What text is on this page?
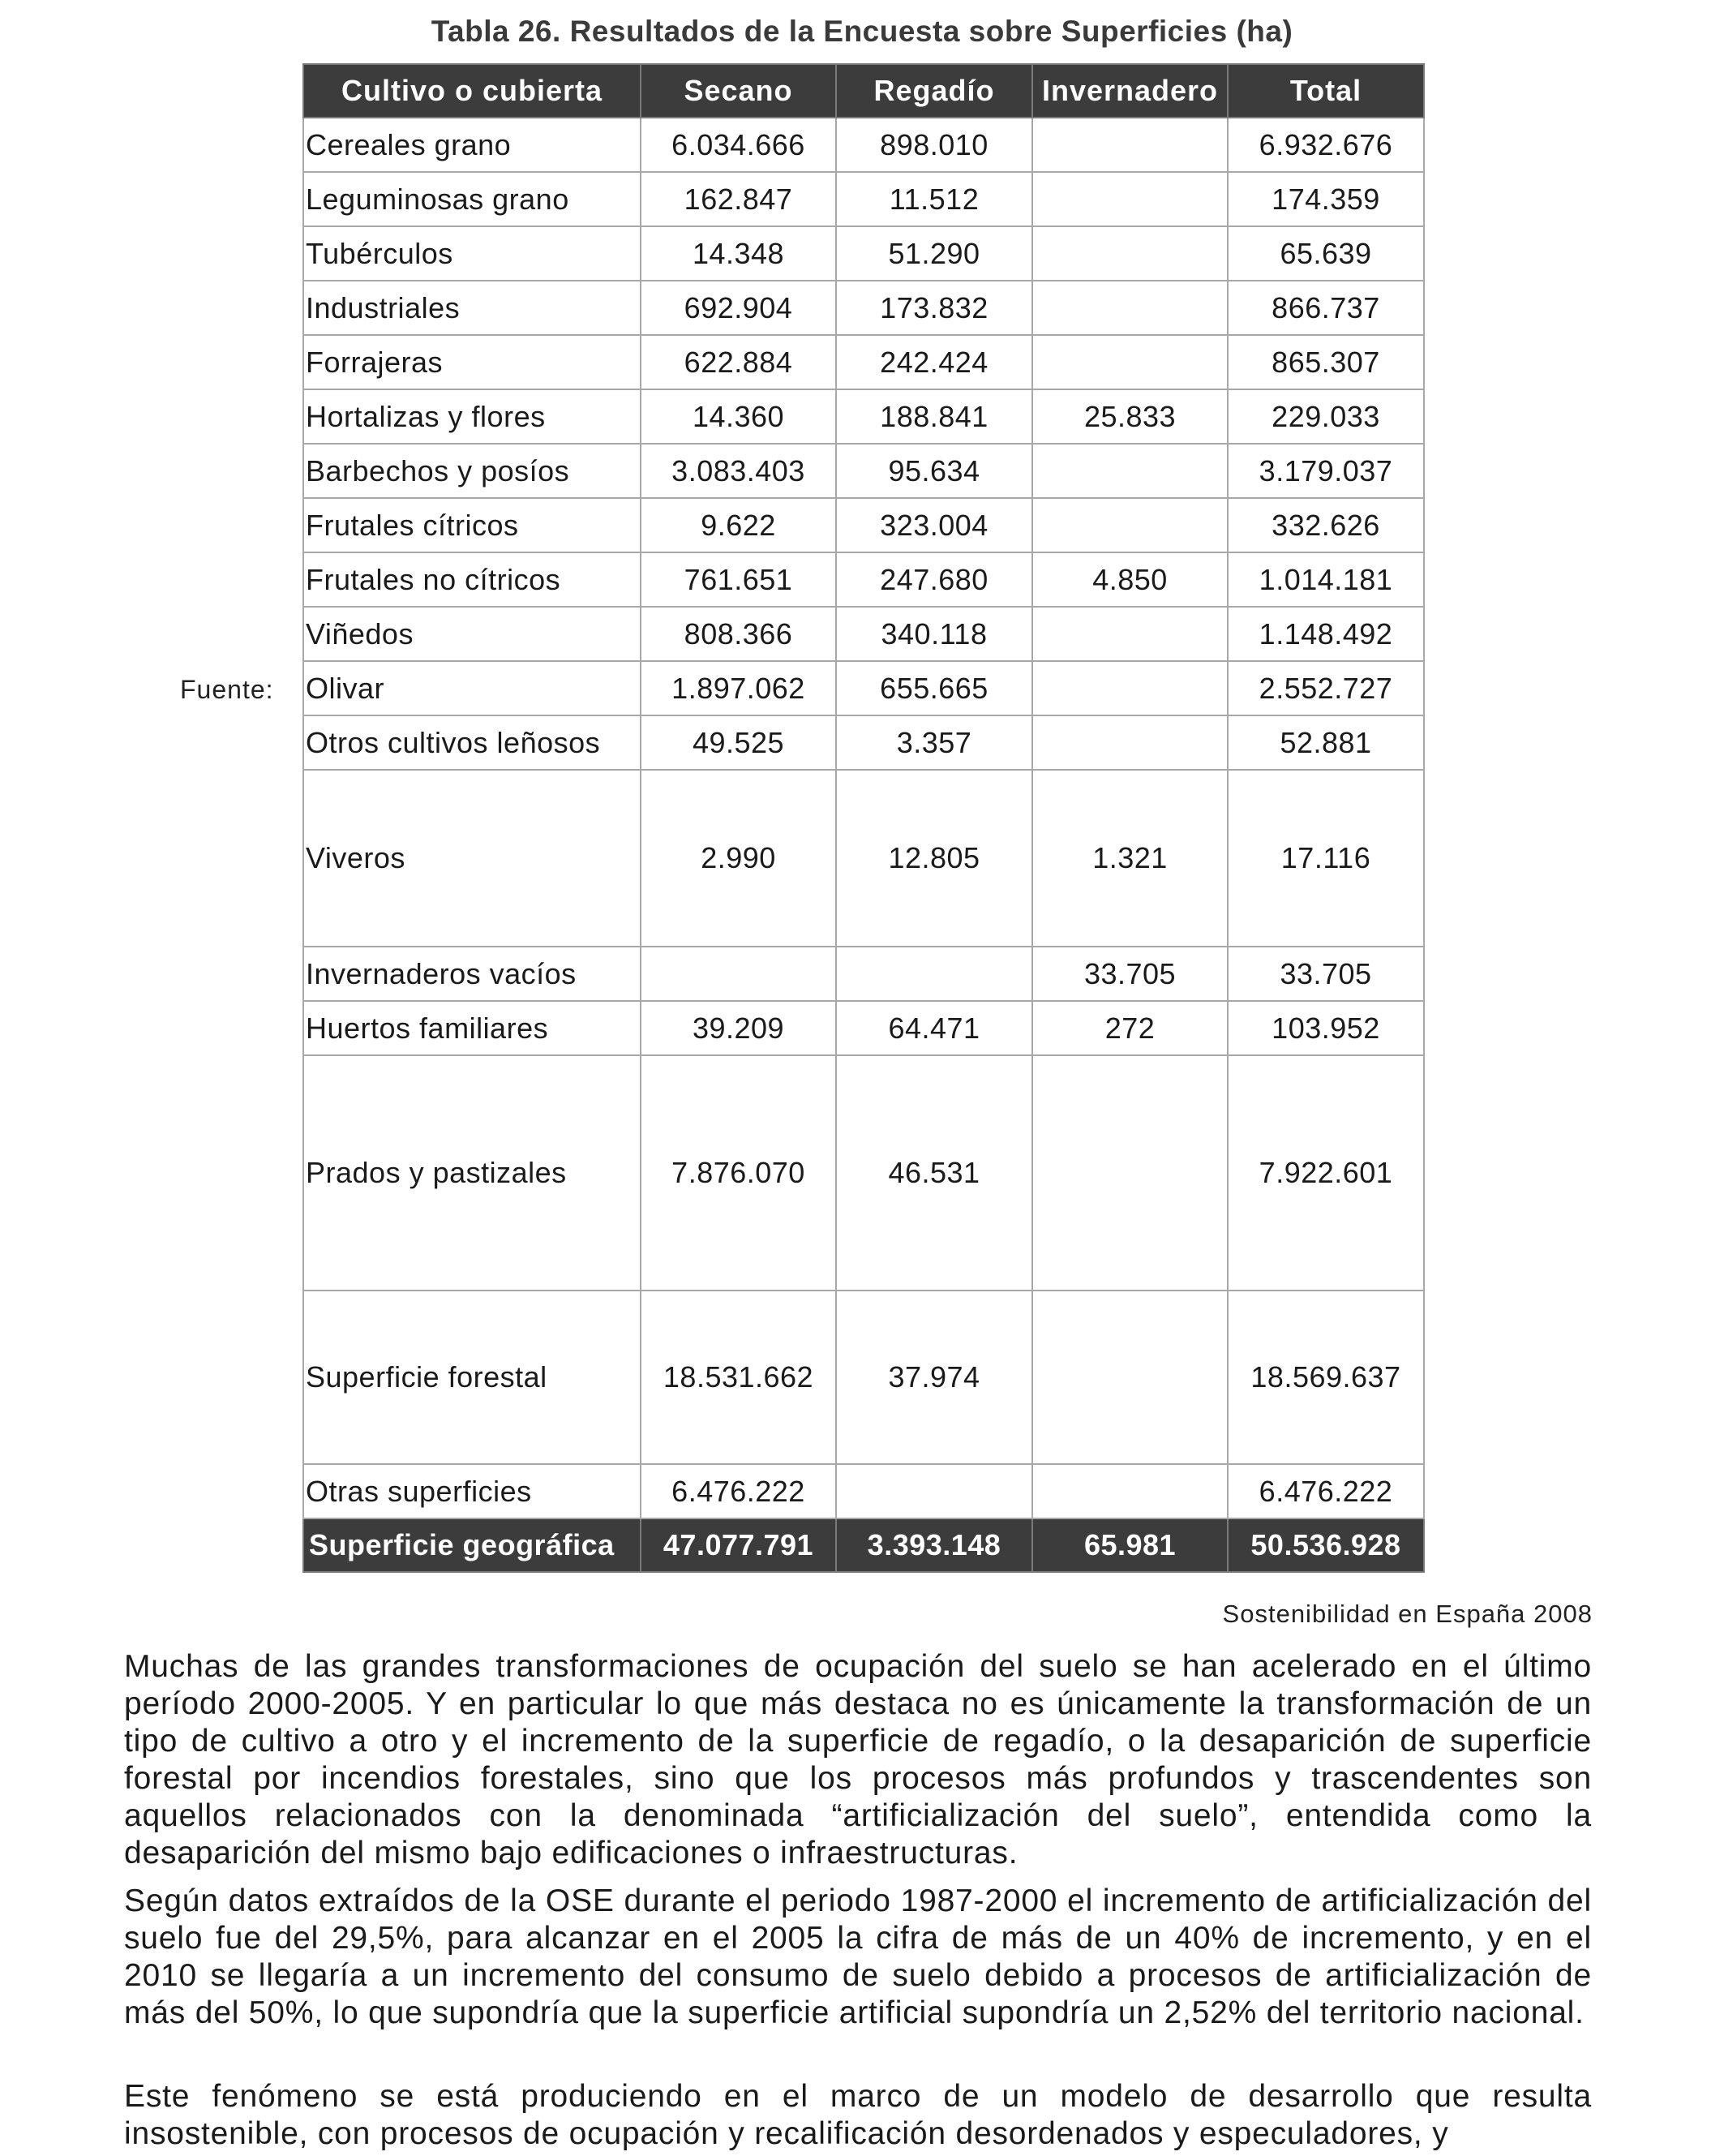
Tabla 26. Resultados de la Encuesta sobre Superficies (ha)

Fuente:
Cultivo o cubierta	Secano	Regadío	Invernadero	Total
Cereales grano	6.034.666	898.010		6.932.676
Leguminosas grano	162.847	11.512		174.359
Tubérculos	14.348	51.290		65.639
Industriales	692.904	173.832		866.737
Forrajeras	622.884	242.424		865.307
Hortalizas y flores	14.360	188.841	25.833	229.033
Barbechos y posíos	3.083.403	95.634		3.179.037
Frutales cítricos	9.622	323.004		332.626
Frutales no cítricos	761.651	247.680	4.850	1.014.181
Viñedos	808.366	340.118		1.148.492
Olivar	1.897.062	655.665		2.552.727
Otros cultivos leñosos	49.525	3.357		52.881
Viveros	2.990	12.805	1.321	17.116
Invernaderos vacíos			33.705	33.705
Huertos familiares	39.209	64.471	272	103.952
Prados y pastizales	7.876.070	46.531		7.922.601
Superficie forestal	18.531.662	37.974		18.569.637
Otras superficies	6.476.222			6.476.222
Superficie geográfica	47.077.791	3.393.148	65.981	50.536.928
Sostenibilidad en España 2008

Muchas de las grandes transformaciones de ocupación del suelo se han acelerado en el último período 2000-2005. Y en particular lo que más destaca no es únicamente la transformación de un tipo de cultivo a otro y el incremento de la superficie de regadío, o la desaparición de superficie forestal por incendios forestales, sino que los procesos más profundos y trascendentes son aquellos relacionados con la denominada “artificialización del suelo”, entendida como la desaparición del mismo bajo edificaciones o infraestructuras.

Según datos extraídos de la OSE durante el periodo 1987-2000 el incremento de artificialización del suelo fue del 29,5%, para alcanzar en el 2005 la cifra de más de un 40% de incremento, y en el 2010 se llegaría a un incremento del consumo de suelo debido a procesos de artificialización de más del 50%, lo que supondría que la superficie artificial supondría un 2,52% del territorio nacional.

Este fenómeno se está produciendo en el marco de un modelo de desarrollo que resulta insostenible, con procesos de ocupación y recalificación desordenados y especuladores, y
